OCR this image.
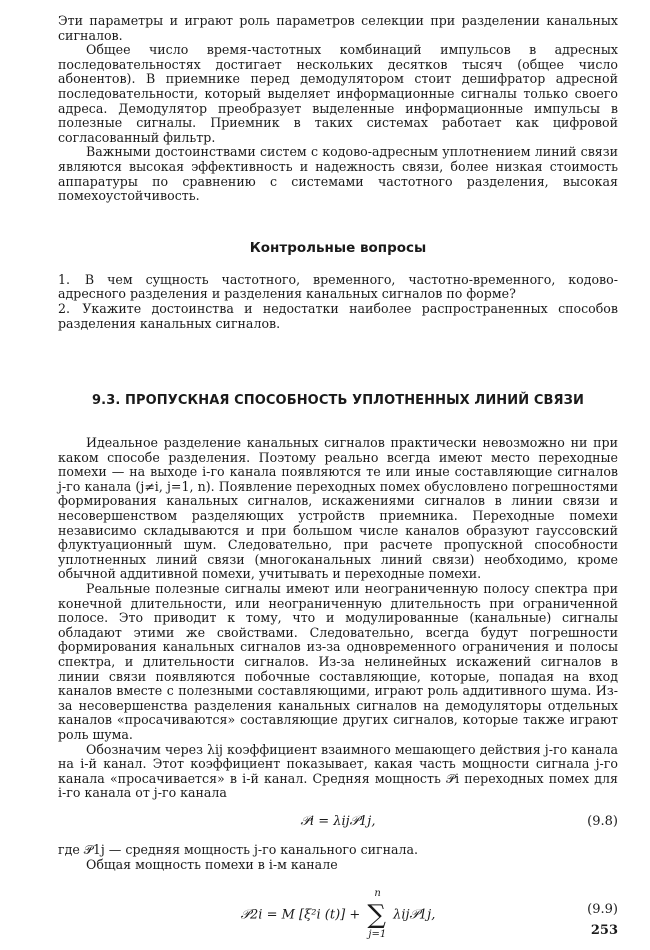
Эти параметры и играют роль параметров селекции при разделении канальных сигналов.

Общее число время-частотных комбинаций импульсов в адресных последовательностях достигает нескольких десятков тысяч (общее число абонентов). В приемнике перед демодулятором стоит дешифратор адресной последовательности, который выделяет информационные сигналы только своего адреса. Демодулятор преобразует выделенные информационные импульсы в полезные сигналы. Приемник в таких системах работает как цифровой согласованный фильтр.

Важными достоинствами систем с кодово-адресным уплотнением линий связи являются высокая эффективность и надежность связи, более низкая стоимость аппаратуры по сравнению с системами частотного разделения, высокая помехоустойчивость.

Контрольные вопросы
1. В чем сущность частотного, временного, частотно-временного, кодово-адресного разделения и разделения канальных сигналов по форме?
2. Укажите достоинства и недостатки наиболее распространенных способов разделения канальных сигналов.
9.3. ПРОПУСКНАЯ СПОСОБНОСТЬ УПЛОТНЕННЫХ ЛИНИЙ СВЯЗИ

Идеальное разделение канальных сигналов практически невозможно ни при каком способе разделения. Поэтому реально всегда имеют место переходные помехи — на выходе i-го канала появляются те или иные составляющие сигналов j-го канала (j≠i, j=1, n). Появление переходных помех обусловлено погрешностями формирования канальных сигналов, искажениями сигналов в линии связи и несовершенством разделяющих устройств приемника. Переходные помехи независимо складываются и при большом числе каналов образуют гауссовский флуктуационный шум. Следовательно, при расчете пропускной способности уплотненных линий связи (многоканальных линий связи) необходимо, кроме обычной аддитивной помехи, учитывать и переходные помехи.

Реальные полезные сигналы имеют или неограниченную полосу спектра при конечной длительности, или неограниченную длительность при ограниченной полосе. Это приводит к тому, что и модулированные (канальные) сигналы обладают этими же свойствами. Следовательно, всегда будут погрешности формирования канальных сигналов из-за одновременного ограничения и полосы спектра, и длительности сигналов. Из-за нелинейных искажений сигналов в линии связи появляются побочные составляющие, которые, попадая на вход каналов вместе с полезными составляющими, играют роль аддитивного шума. Из-за несовершенства разделения канальных сигналов на демодуляторы отдельных каналов «просачиваются» составляющие других сигналов, которые также играют роль шума.

Обозначим через λij коэффициент взаимного мешающего действия j-го канала на i-й канал. Этот коэффициент показывает, какая часть мощности сигнала j-го канала «просачивается» в i-й канал. Средняя мощность 𝒫i переходных помех для i-го канала от j-го канала

𝒫i = λij𝒫1j,	(9.8)

где 𝒫1j — средняя мощность j-го канального сигнала.

Общая мощность помехи в i-м канале

𝒫2i = M [ξ²i (t)] +
n
∑
j=1
λij𝒫1j,	(9.9)
253
